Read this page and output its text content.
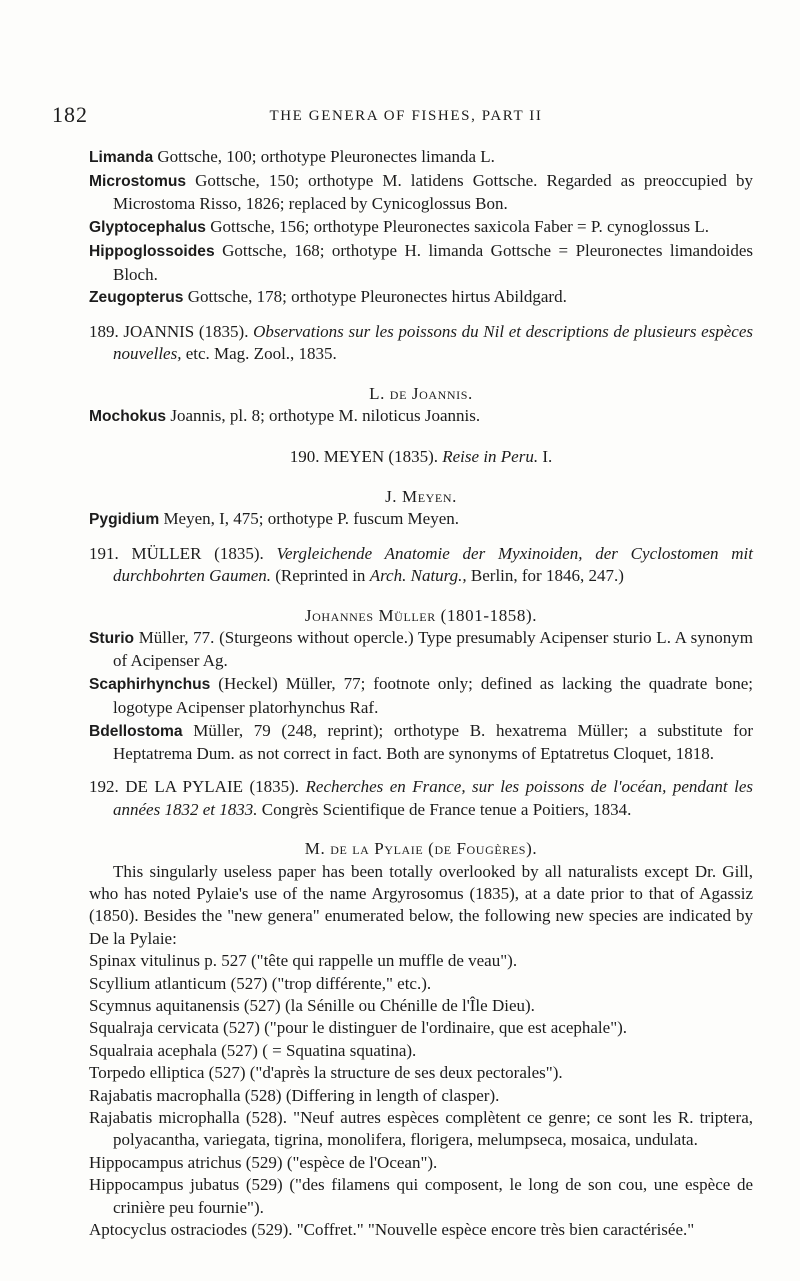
182	THE GENERA OF FISHES, PART II

Limanda Gottsche, 100; orthotype Pleuronectes limanda L.

Microstomus Gottsche, 150; orthotype M. latidens Gottsche. Regarded as preoccupied by Microstoma Risso, 1826; replaced by Cynicoglossus Bon.

Glyptocephalus Gottsche, 156; orthotype Pleuronectes saxicola Faber = P. cynoglossus L.

Hippoglossoides Gottsche, 168; orthotype H. limanda Gottsche = Pleuronectes limandoides Bloch.

Zeugopterus Gottsche, 178; orthotype Pleuronectes hirtus Abildgard.

189. JOANNIS (1835). Observations sur les poissons du Nil et descriptions de plusieurs espèces nouvelles, etc. Mag. Zool., 1835.

L. de Joannis.

Mochokus Joannis, pl. 8; orthotype M. niloticus Joannis.

190. MEYEN (1835). Reise in Peru. I.

J. Meyen.

Pygidium Meyen, I, 475; orthotype P. fuscum Meyen.

191. MÜLLER (1835). Vergleichende Anatomie der Myxinoiden, der Cyclostomen mit durchbohrten Gaumen. (Reprinted in Arch. Naturg., Berlin, for 1846, 247.)

Johannes Müller (1801-1858).

Sturio Müller, 77. (Sturgeons without opercle.) Type presumably Acipenser sturio L. A synonym of Acipenser Ag.

Scaphirhynchus (Heckel) Müller, 77; footnote only; defined as lacking the quadrate bone; logotype Acipenser platorhynchus Raf.

Bdellostoma Müller, 79 (248, reprint); orthotype B. hexatrema Müller; a substitute for Heptatrema Dum. as not correct in fact. Both are synonyms of Eptatretus Cloquet, 1818.

192. DE LA PYLAIE (1835). Recherches en France, sur les poissons de l'océan, pendant les années 1832 et 1833. Congrès Scientifique de France tenue a Poitiers, 1834.

M. de la Pylaie (de Fougères).

This singularly useless paper has been totally overlooked by all naturalists except Dr. Gill, who has noted Pylaie's use of the name Argyrosomus (1835), at a date prior to that of Agassiz (1850). Besides the "new genera" enumerated below, the following new species are indicated by De la Pylaie:

Spinax vitulinus p. 527 ("tête qui rappelle un muffle de veau").

Scyllium atlanticum (527) ("trop différente," etc.).

Scymnus aquitanensis (527) (la Sénille ou Chénille de l'Île Dieu).

Squalraja cervicata (527) ("pour le distinguer de l'ordinaire, que est acephale").

Squalraia acephala (527) ( = Squatina squatina).

Torpedo elliptica (527) ("d'après la structure de ses deux pectorales").

Rajabatis macrophalla (528) (Differing in length of clasper).

Rajabatis microphalla (528). "Neuf autres espèces complètent ce genre; ce sont les R. triptera, polyacantha, variegata, tigrina, monolifera, florigera, melumpseca, mosaica, undulata.

Hippocampus atrichus (529) ("espèce de l'Ocean").

Hippocampus jubatus (529) ("des filamens qui composent, le long de son cou, une espèce de crinière peu fournie").

Aptocyclus ostraciodes (529). "Coffret." "Nouvelle espèce encore très bien caractérisée."
